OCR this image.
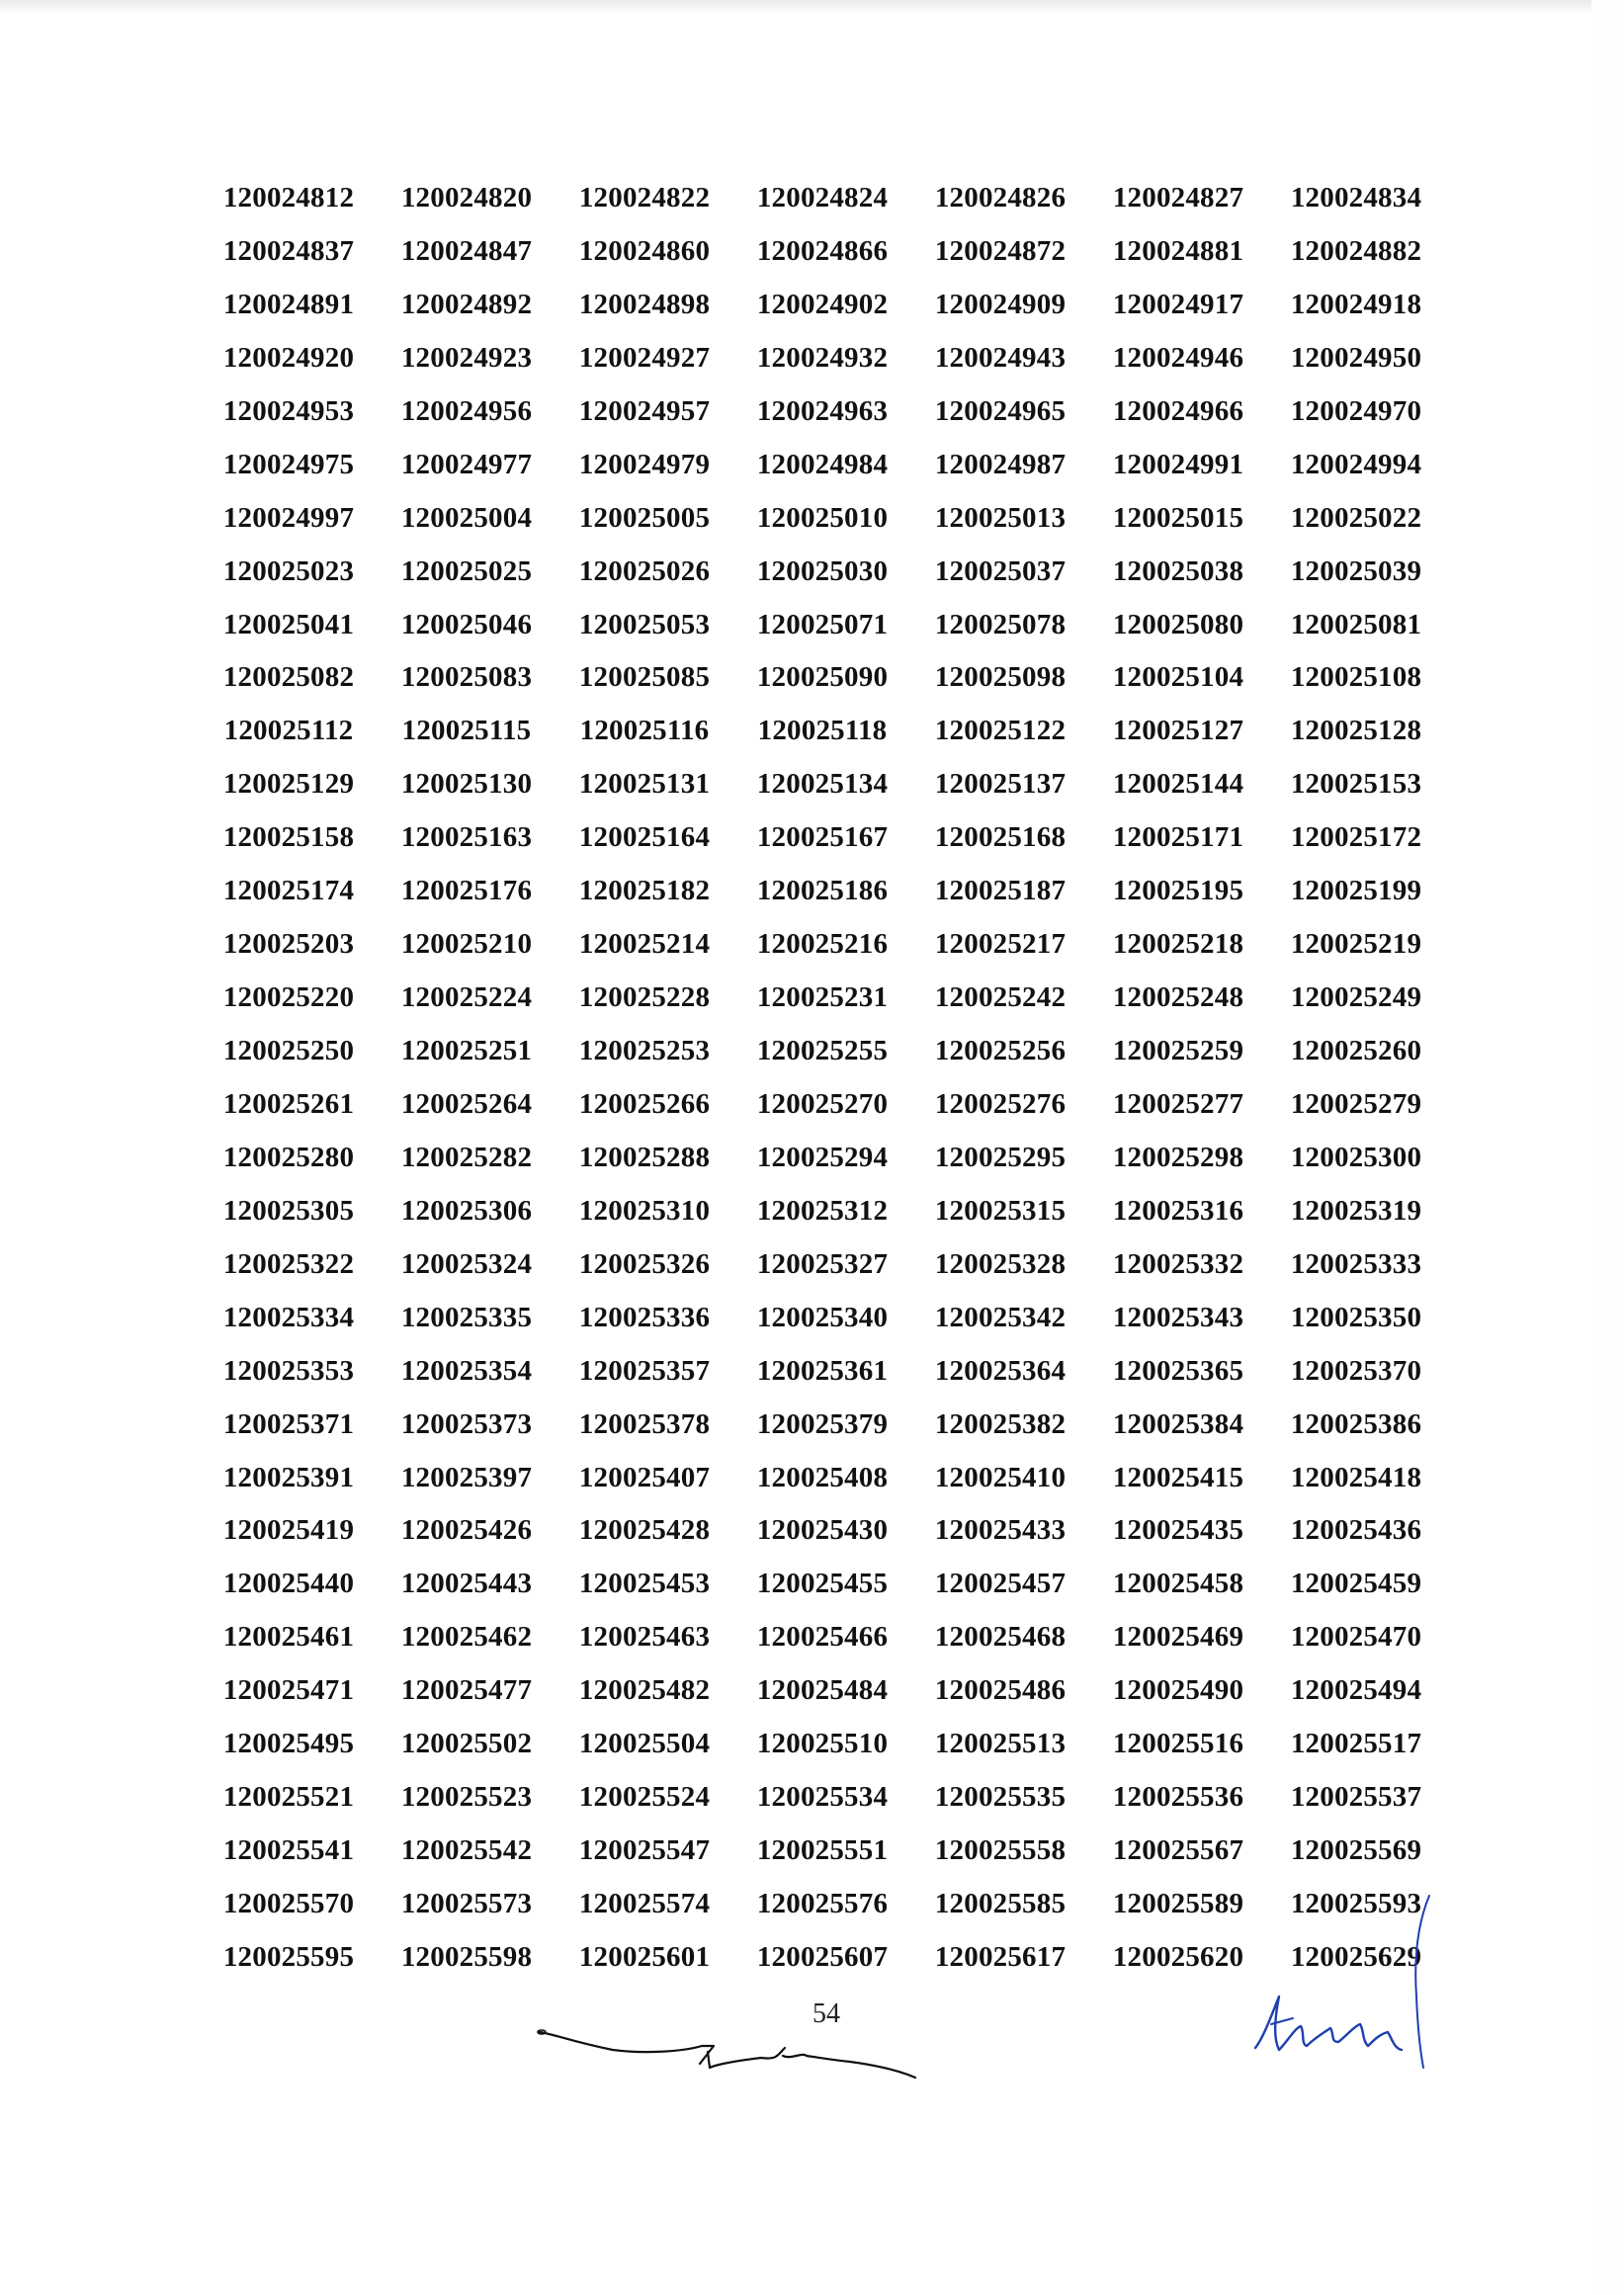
120024812	120024820	120024822	120024824	120024826	120024827	120024834
120024837	120024847	120024860	120024866	120024872	120024881	120024882
120024891	120024892	120024898	120024902	120024909	120024917	120024918
120024920	120024923	120024927	120024932	120024943	120024946	120024950
120024953	120024956	120024957	120024963	120024965	120024966	120024970
120024975	120024977	120024979	120024984	120024987	120024991	120024994
120024997	120025004	120025005	120025010	120025013	120025015	120025022
120025023	120025025	120025026	120025030	120025037	120025038	120025039
120025041	120025046	120025053	120025071	120025078	120025080	120025081
120025082	120025083	120025085	120025090	120025098	120025104	120025108
120025112	120025115	120025116	120025118	120025122	120025127	120025128
120025129	120025130	120025131	120025134	120025137	120025144	120025153
120025158	120025163	120025164	120025167	120025168	120025171	120025172
120025174	120025176	120025182	120025186	120025187	120025195	120025199
120025203	120025210	120025214	120025216	120025217	120025218	120025219
120025220	120025224	120025228	120025231	120025242	120025248	120025249
120025250	120025251	120025253	120025255	120025256	120025259	120025260
120025261	120025264	120025266	120025270	120025276	120025277	120025279
120025280	120025282	120025288	120025294	120025295	120025298	120025300
120025305	120025306	120025310	120025312	120025315	120025316	120025319
120025322	120025324	120025326	120025327	120025328	120025332	120025333
120025334	120025335	120025336	120025340	120025342	120025343	120025350
120025353	120025354	120025357	120025361	120025364	120025365	120025370
120025371	120025373	120025378	120025379	120025382	120025384	120025386
120025391	120025397	120025407	120025408	120025410	120025415	120025418
120025419	120025426	120025428	120025430	120025433	120025435	120025436
120025440	120025443	120025453	120025455	120025457	120025458	120025459
120025461	120025462	120025463	120025466	120025468	120025469	120025470
120025471	120025477	120025482	120025484	120025486	120025490	120025494
120025495	120025502	120025504	120025510	120025513	120025516	120025517
120025521	120025523	120025524	120025534	120025535	120025536	120025537
120025541	120025542	120025547	120025551	120025558	120025567	120025569
120025570	120025573	120025574	120025576	120025585	120025589	120025593
120025595	120025598	120025601	120025607	120025617	120025620	120025629
54
